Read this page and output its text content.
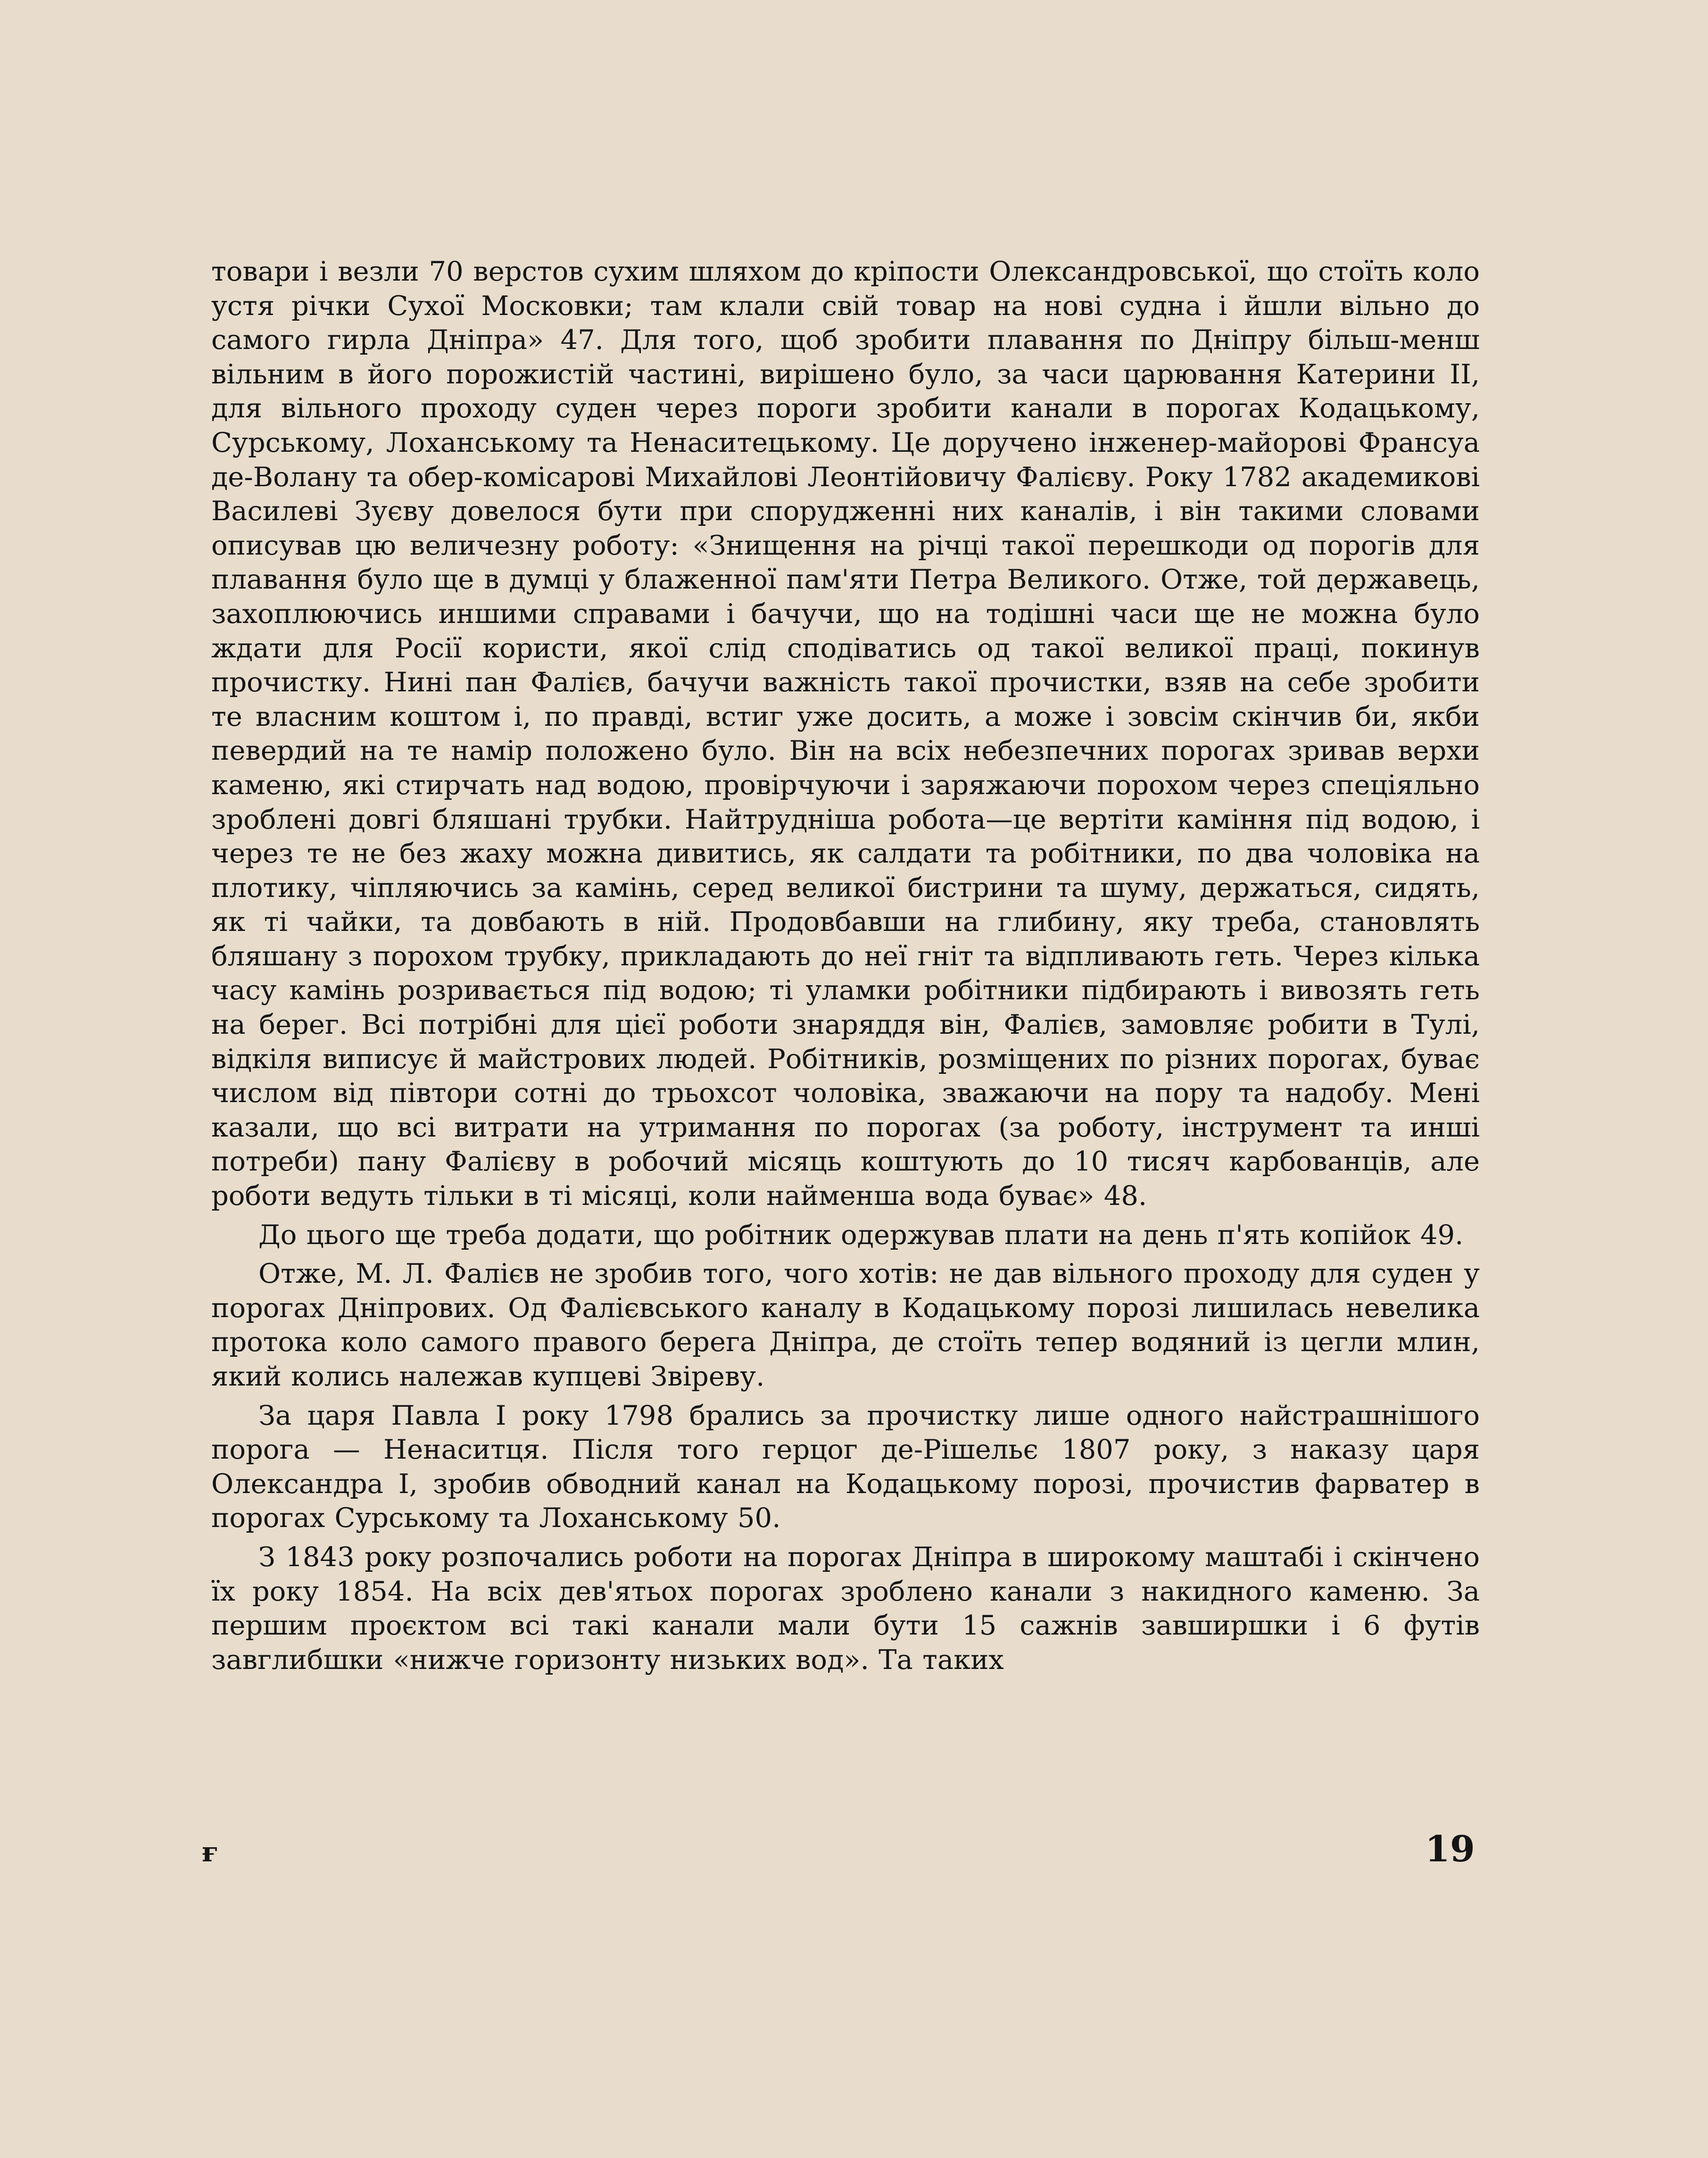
товари і везли 70 верстов сухим шляхом до кріпости Олександровської, що стоїть коло устя річки Сухої Московки; там клали свій товар на нові судна і йшли вільно до самого гирла Дніпра» 47. Для того, щоб зробити плавання по Дніпру більш-менш вільним в його порожистій частині, вирішено було, за часи царювання Катерини II, для вільного проходу суден через пороги зробити канали в порогах Кодацькому, Сурському, Лоханському та Ненаситецькому. Це доручено інженер-майорові Франсуа де-Волану та обер-комісарові Михайлові Леонтійовичу Фалієву. Року 1782 академикові Василеві Зуєву довелося бути при спорудженні них каналів, і він такими словами описував цю величезну роботу: «Знищення на річці такої перешкоди од порогів для плавання було ще в думці у блаженної пам'яти Петра Великого. Отже, той державець, захоплюючись иншими справами і бачучи, що на тодішні часи ще не можна було ждати для Росії користи, якої слід сподіватись од такої великої праці, покинув прочистку. Нині пан Фалієв, бачучи важність такої прочистки, взяв на себе зробити те власним коштом і, по правді, встиг уже досить, а може і зовсім скінчив би, якби певердий на те намір положено було. Він на всіх небезпечних порогах зривав верхи каменю, які стирчать над водою, провірчуючи і заряжаючи порохом через спеціяльно зроблені довгі бляшані трубки. Найтрудніша робота—це вертіти каміння під водою, і через те не без жаху можна дивитись, як салдати та робітники, по два чоловіка на плотику, чіпляючись за камінь, серед великої бистрини та шуму, держаться, сидять, як ті чайки, та довбають в ній. Продовбавши на глибину, яку треба, становлять бляшану з порохом трубку, прикладають до неї гніт та відпливають геть. Через кілька часу камінь розривається під водою; ті уламки робітники підбирають і вивозять геть на берег. Всі потрібні для цієї роботи знаряддя він, Фалієв, замовляє робити в Тулі, відкіля виписує й майстрових людей. Робітників, розміщених по різних порогах, буває числом від півтори сотні до трьохсот чоловіка, зважаючи на пору та надобу. Мені казали, що всі витрати на утримання по порогах (за роботу, інструмент та инші потреби) пану Фалієву в робочий місяць коштують до 10 тисяч карбованців, але роботи ведуть тільки в ті місяці, коли найменша вода буває» 48.

До цього ще треба додати, що робітник одержував плати на день п'ять копійок 49.

Отже, М. Л. Фалієв не зробив того, чого хотів: не дав вільного проходу для суден у порогах Дніпрових. Од Фалієвського каналу в Кодацькому порозі лишилась невелика протока коло самого правого берега Дніпра, де стоїть тепер водяний із цегли млин, який колись належав купцеві Звіреву.

За царя Павла I року 1798 брались за прочистку лише одного найстрашнішого порога — Ненаситця. Після того герцог де-Рішельє 1807 року, з наказу царя Олександра I, зробив обводний канал на Кодацькому порозі, прочистив фарватер в порогах Сурському та Лоханському 50.

З 1843 року розпочались роботи на порогах Дніпра в широкому маштабі і скінчено їх року 1854. На всіх дев'ятьох порогах зроблено канали з накидного каменю. За першим проєктом всі такі канали мали бути 15 сажнів завширшки і 6 футів завглибшки «нижче горизонту низьких вод». Та таких

ғ	19
